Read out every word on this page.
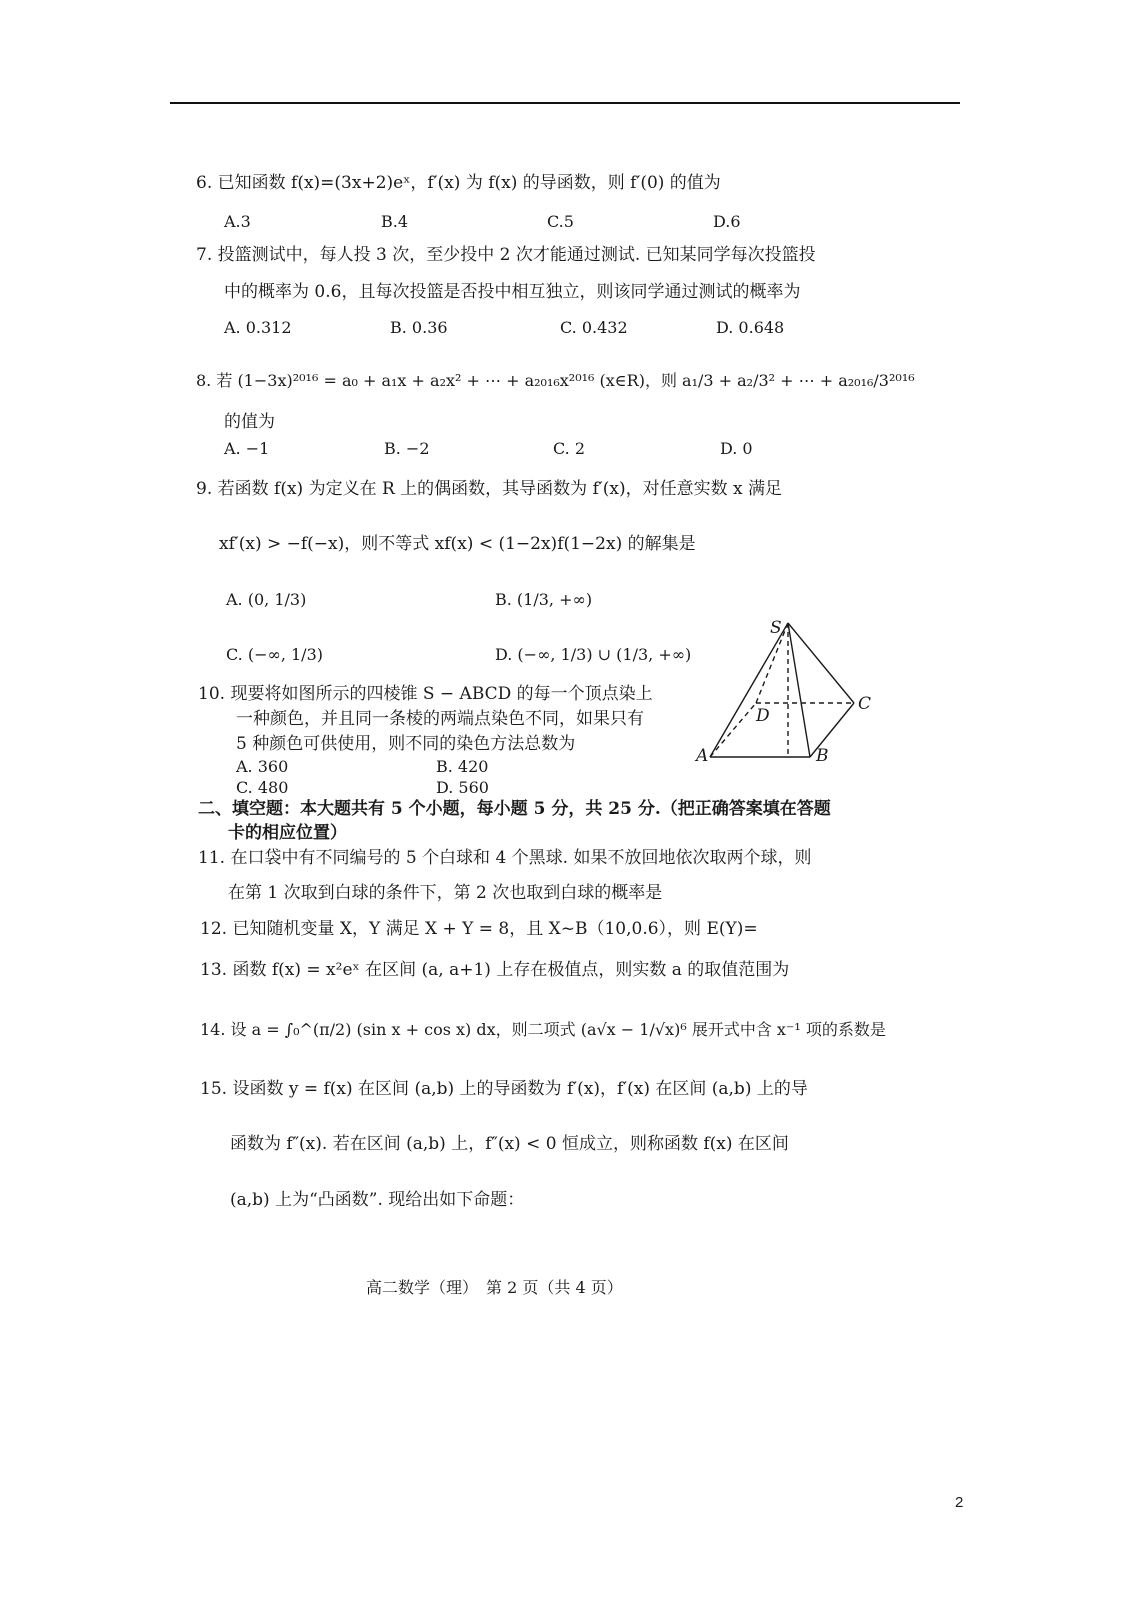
6. 已知函数 f(x)=(3x+2)eˣ，f′(x) 为 f(x) 的导函数，则 f′(0) 的值为
A.3	B.4	C.5	D.6
7. 投篮测试中，每人投 3 次，至少投中 2 次才能通过测试. 已知某同学每次投篮投
中的概率为 0.6，且每次投篮是否投中相互独立，则该同学通过测试的概率为
A. 0.312	B. 0.36	C. 0.432	D. 0.648
8. 若 (1−3x)²⁰¹⁶ = a₀ + a₁x + a₂x² + ⋯ + a₂₀₁₆x²⁰¹⁶ (x∈R)，则 a₁/3 + a₂/3² + ⋯ + a₂₀₁₆/3²⁰¹⁶
的值为
A. −1	B. −2	C. 2	D. 0
9. 若函数 f(x) 为定义在 R 上的偶函数，其导函数为 f′(x)，对任意实数 x 满足
xf′(x) > −f(−x)，则不等式 xf(x) < (1−2x)f(1−2x) 的解集是
A. (0, 1/3)	B. (1/3, +∞)
C. (−∞, 1/3)	D. (−∞, 1/3) ∪ (1/3, +∞)
10. 现要将如图所示的四棱锥 S − ABCD 的每一个顶点染上
一种颜色，并且同一条棱的两端点染色不同，如果只有
5 种颜色可供使用，则不同的染色方法总数为
A. 360	B. 420
C. 480	D. 560
S
A	B
C
D
二、填空题：本大题共有 5 个小题，每小题 5 分，共 25 分.（把正确答案填在答题
卡的相应位置）
11. 在口袋中有不同编号的 5 个白球和 4 个黑球. 如果不放回地依次取两个球，则
在第 1 次取到白球的条件下，第 2 次也取到白球的概率是
12. 已知随机变量 X，Y 满足 X + Y = 8，且 X~B（10,0.6），则 E(Y)=
13. 函数 f(x) = x²eˣ 在区间 (a, a+1) 上存在极值点，则实数 a 的取值范围为
14. 设 a = ∫₀^(π/2) (sin x + cos x) dx，则二项式 (a√x − 1/√x)⁶ 展开式中含 x⁻¹ 项的系数是
15. 设函数 y = f(x) 在区间 (a,b) 上的导函数为 f′(x)，f′(x) 在区间 (a,b) 上的导
函数为 f″(x). 若在区间 (a,b) 上，f″(x) < 0 恒成立，则称函数 f(x) 在区间
(a,b) 上为“凸函数”. 现给出如下命题：
高二数学（理）　第 2 页（共 4 页）
2
